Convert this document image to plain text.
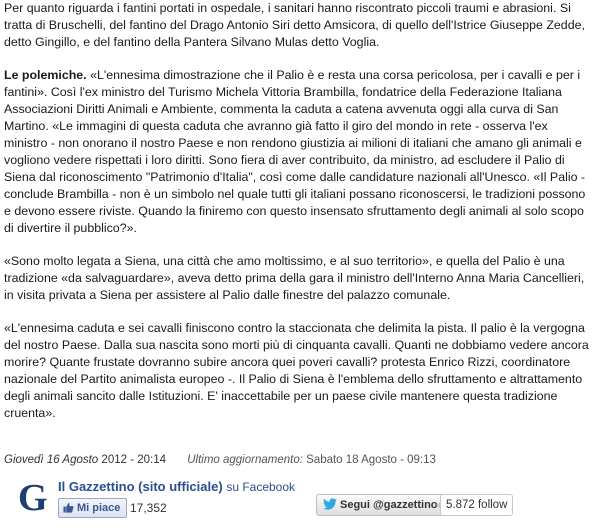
Per quanto riguarda i fantini portati in ospedale, i sanitari hanno riscontrato piccoli traumi e abrasioni. Si tratta di Bruschelli, del fantino del Drago Antonio Siri detto Amsicora, di quello dell'Istrice Giuseppe Zedde, detto Gingillo, e del fantino della Pantera Silvano Mulas detto Voglia.

Le polemiche. «L'ennesima dimostrazione che il Palio è e resta una corsa pericolosa, per i cavalli e per i fantini». Così l'ex ministro del Turismo Michela Vittoria Brambilla, fondatrice della Federazione Italiana Associazioni Diritti Animali e Ambiente, commenta la caduta a catena avvenuta oggi alla curva di San Martino. «Le immagini di questa caduta che avranno già fatto il giro del mondo in rete - osserva l'ex ministro - non onorano il nostro Paese e non rendono giustizia ai milioni di italiani che amano gli animali e vogliono vedere rispettati i loro diritti. Sono fiera di aver contribuito, da ministro, ad escludere il Palio di Siena dal riconoscimento "Patrimonio d'Italia", così come dalle candidature nazionali all'Unesco. «Il Palio - conclude Brambilla - non è un simbolo nel quale tutti gli italiani possano riconoscersi, le tradizioni possono e devono essere riviste. Quando la finiremo con questo insensato sfruttamento degli animali al solo scopo di divertire il pubblico?».

«Sono molto legata a Siena, una città che amo moltissimo, e al suo territorio», e quella del Palio è una tradizione «da salvaguardare», aveva detto prima della gara il ministro dell'Interno Anna Maria Cancellieri, in visita privata a Siena per assistere al Palio dalle finestre del palazzo comunale.

«L'ennesima caduta e sei cavalli finiscono contro la staccionata che delimita la pista. Il palio è la vergogna del nostro Paese. Dalla sua nascita sono morti più di cinquanta cavalli. Quanti ne dobbiamo vedere ancora morire? Quante frustate dovranno subire ancora quei poveri cavalli? protesta Enrico Rizzi, coordinatore nazionale del Partito animalista europeo -. Il Palio di Siena è l'emblema dello sfruttamento e altrattamento degli animali sancito dalle Istituzioni. E' inaccettabile per un paese civile mantenere questa tradizione cruenta».

Giovedì 16 Agosto 2012 - 20:14 Ultimo aggiornamento: Sabato 18 Agosto - 09:13
G Il Gazzettino (sito ufficiale) su Facebook
Mi piace 17,352	Segui @gazzettino 5.872 follow
